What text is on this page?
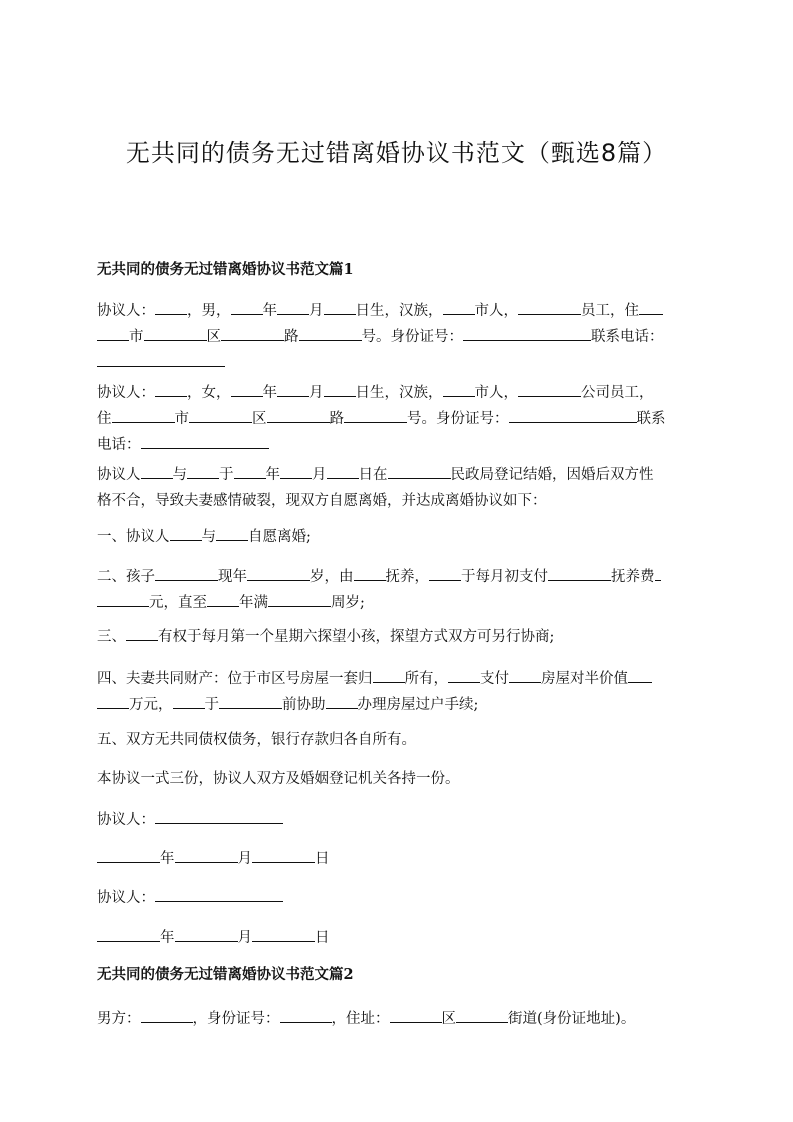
无共同的债务无过错离婚协议书范文（甄选8篇）
无共同的债务无过错离婚协议书范文篇1
协议人： ，男， 年 月 日生，汉族， 市人，	员工，住
市	区	路	号。身份证号：	联系电话：
协议人： ，女， 年 月 日生，汉族， 市人，	公司员工，
住	市	区	路	号。身份证号：	联系
电话：
协议人 与 于 年 月 日在	民政局登记结婚，因婚后双方性
格不合，导致夫妻感情破裂，现双方自愿离婚，并达成离婚协议如下：
一、协议人 与 自愿离婚;
二、孩子	现年	岁，由 抚养， 于每月初支付	抚养费
元，直至 年满	周岁;
三、 有权于每月第一个星期六探望小孩，探望方式双方可另行协商;
四、夫妻共同财产：位于市区号房屋一套归 所有， 支付 房屋对半价值
万元， 于	前协助 办理房屋过户手续;
五、双方无共同债权债务，银行存款归各自所有。
本协议一式三份，协议人双方及婚姻登记机关各持一份。
协议人：
年	月	日
协议人：
年	月	日
无共同的债务无过错离婚协议书范文篇2
男方：	，身份证号：	，住址：	区	街道(身份证地址)。
